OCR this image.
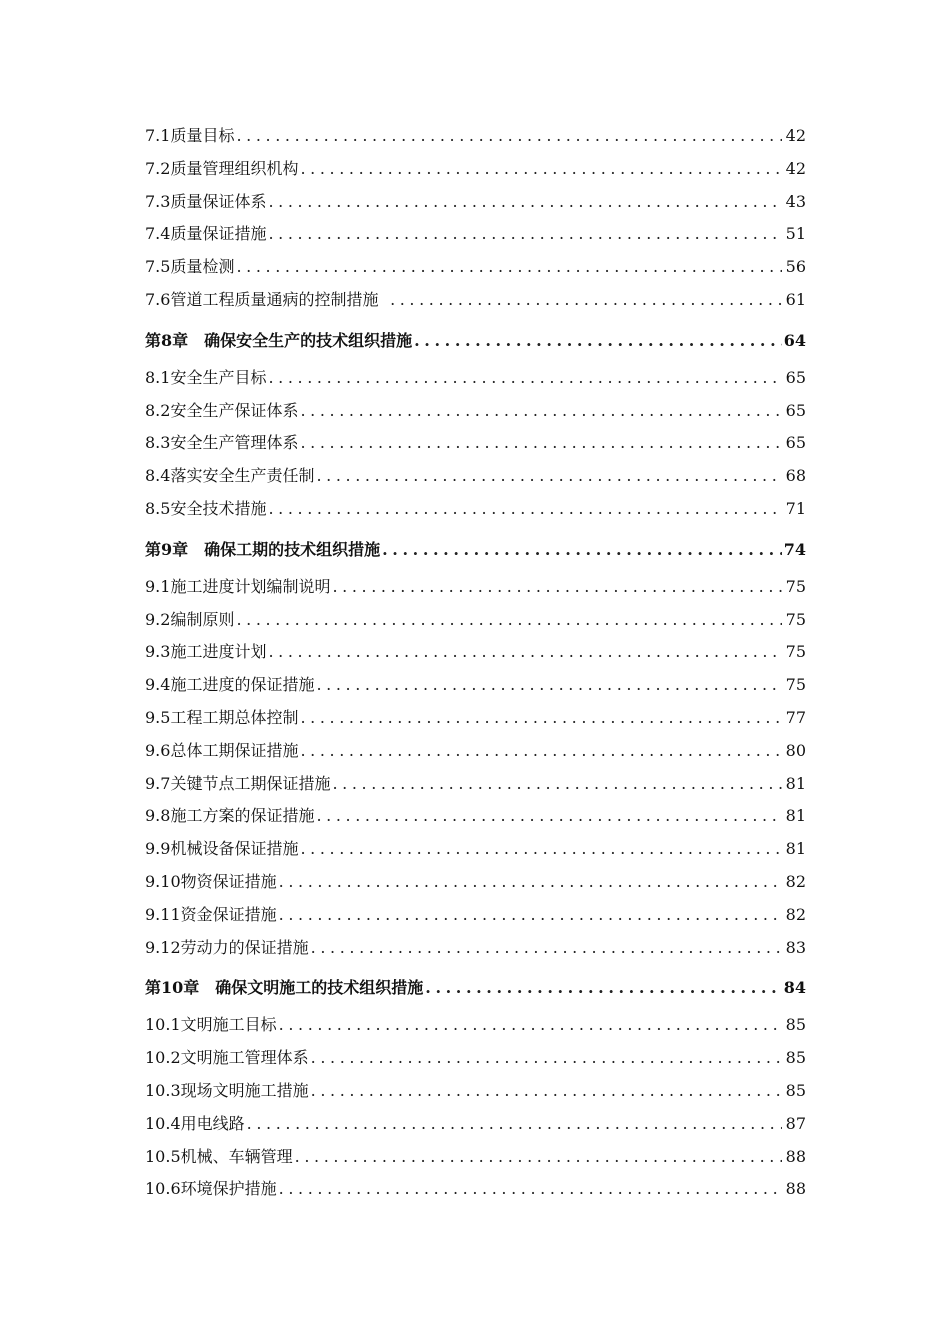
7.1质量目标 .....	42
7.2质量管理组织机构 .....	42
7.3质量保证体系 .....	43
7.4质量保证措施 .....	51
7.5质量检测 .....	56
7.6管道工程质量通病的控制措施 .....	61
第8章　确保安全生产的技术组织措施 .....	64
8.1安全生产目标 .....	65
8.2安全生产保证体系 .....	65
8.3安全生产管理体系 .....	65
8.4落实安全生产责任制 .....	68
8.5安全技术措施 .....	71
第9章　确保工期的技术组织措施 .....	74
9.1施工进度计划编制说明 .....	75
9.2编制原则 .....	75
9.3施工进度计划 .....	75
9.4施工进度的保证措施 .....	75
9.5工程工期总体控制 .....	77
9.6总体工期保证措施 .....	80
9.7关键节点工期保证措施 .....	81
9.8施工方案的保证措施 .....	81
9.9机械设备保证措施 .....	81
9.10物资保证措施 .....	82
9.11资金保证措施 .....	82
9.12劳动力的保证措施 .....	83
第10章　确保文明施工的技术组织措施 .....	84
10.1文明施工目标 .....	85
10.2文明施工管理体系 .....	85
10.3现场文明施工措施 .....	85
10.4用电线路 .....	87
10.5机械、车辆管理 .....	88
10.6环境保护措施 .....	88
